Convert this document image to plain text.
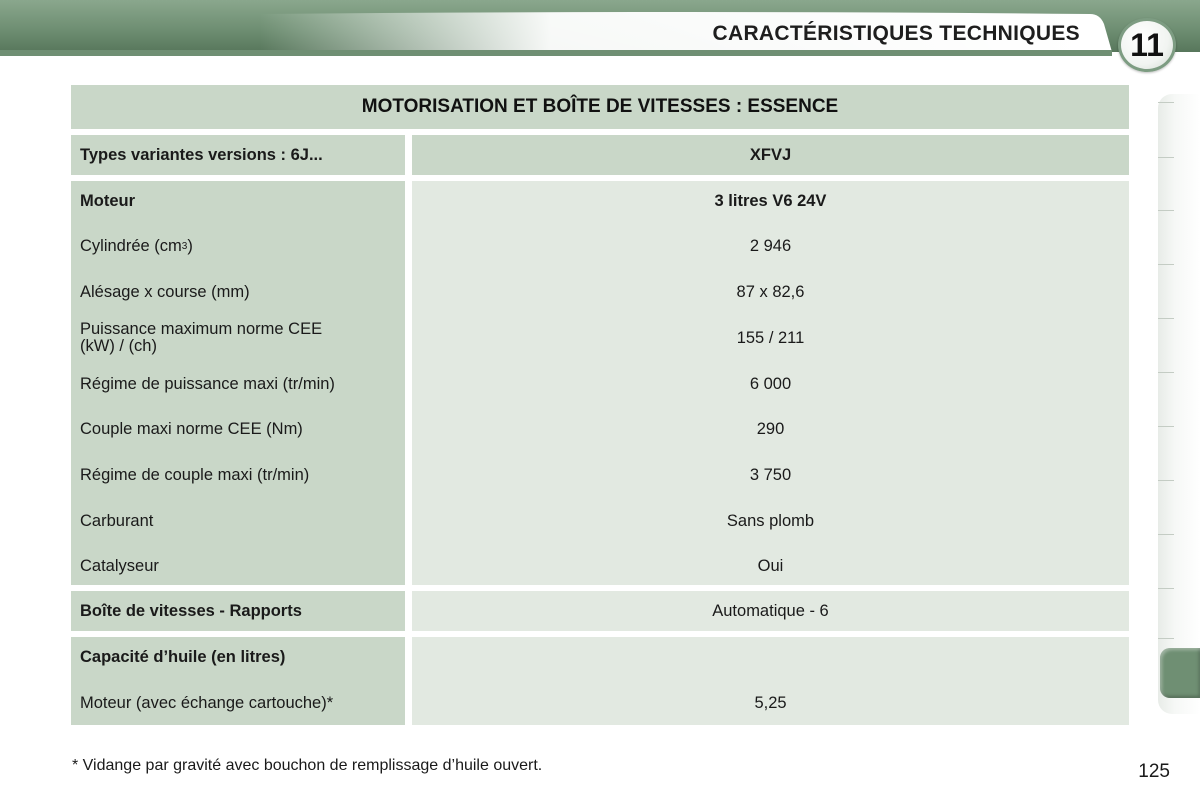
CARACTÉRISTIQUES TECHNIQUES	11
MOTORISATION ET BOÎTE DE VITESSES : ESSENCE
Types variantes versions : 6J...	XFVJ
Moteur	3 litres V6 24V
Cylindrée (cm 3 )	2 946
Alésage x course (mm)	87 x 82,6
Puissance maximum norme CEE
(kW) / (ch)	155 / 211
Régime de puissance maxi (tr/min)	6 000
Couple maxi norme CEE (Nm)	290
Régime de couple maxi (tr/min)	3 750
Carburant	Sans plomb
Catalyseur	Oui
Boîte de vitesses - Rapports	Automatique - 6
Capacité d’huile (en litres)
Moteur (avec échange cartouche)*	5,25
* Vidange par gravité avec bouchon de remplissage d’huile ouvert.	125
